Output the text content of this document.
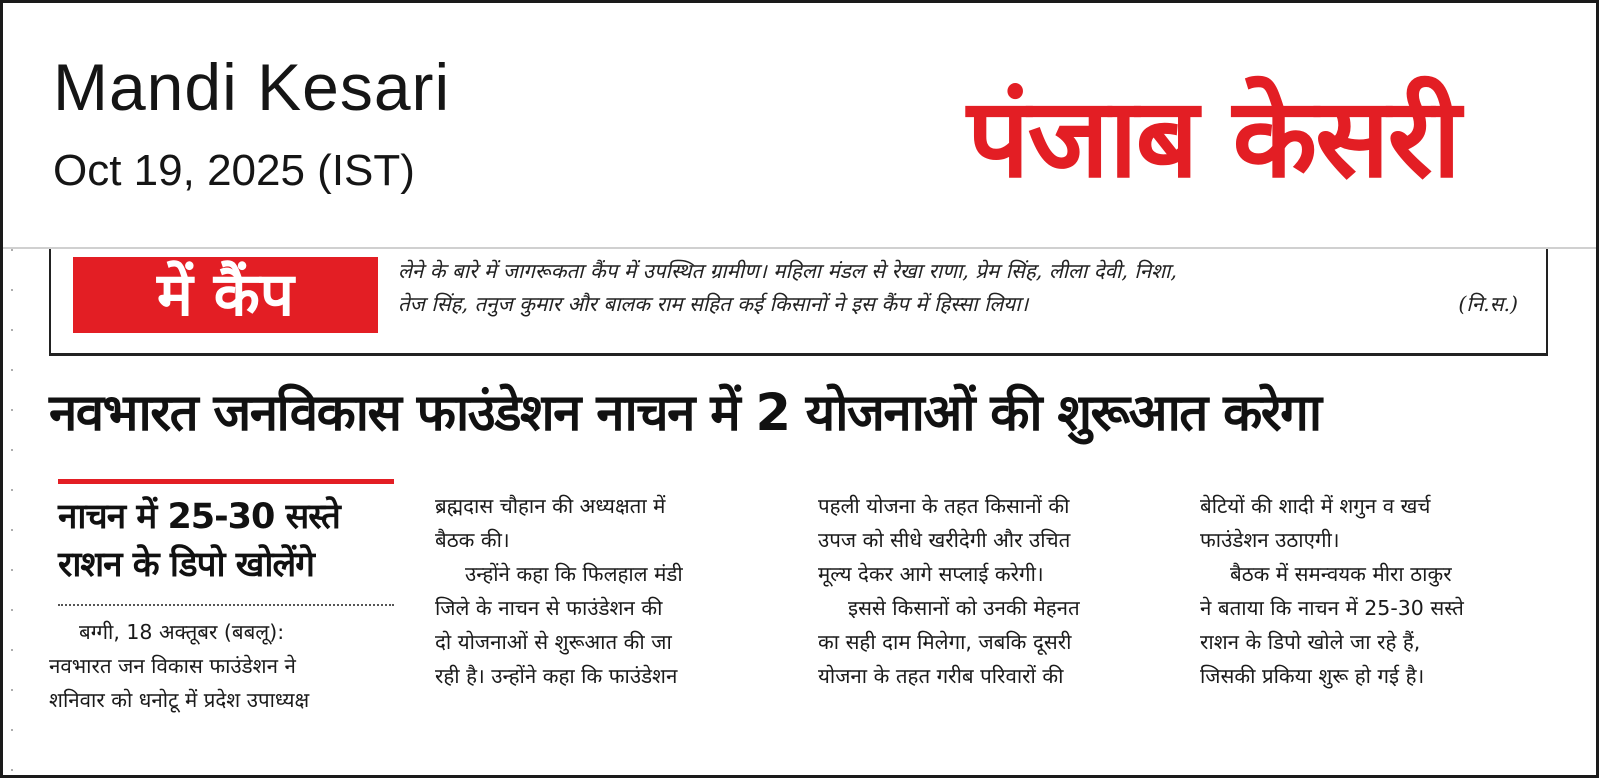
Mandi Kesari
Oct 19, 2025 (IST)	पंजाब केसरी
में कैंप	लेने के बारे में जागरूकता कैंप में उपस्थित ग्रामीण। महिला मंडल से रेखा राणा, प्रेम सिंह, लीला देवी, निशा,
तेज सिंह, तनुज कुमार और बालक राम सहित कई किसानों ने इस कैंप में हिस्सा लिया।	(नि.स.)
नवभारत जनविकास फाउंडेशन नाचन में 2 योजनाओं की शुरूआत करेगा
नाचन में 25-30 सस्ते राशन के डिपो खोलेंगे

बग्गी, 18 अक्तूबर (बबलू):

नवभारत जन विकास फाउंडेशन ने

शनिवार को धनोटू में प्रदेश उपाध्यक्ष

ब्रह्मदास चौहान की अध्यक्षता में

बैठक की।

उन्होंने कहा कि फिलहाल मंडी

जिले के नाचन से फाउंडेशन की

दो योजनाओं से शुरूआत की जा

रही है। उन्होंने कहा कि फाउंडेशन

पहली योजना के तहत किसानों की

उपज को सीधे खरीदेगी और उचित

मूल्य देकर आगे सप्लाई करेगी।

इससे किसानों को उनकी मेहनत

का सही दाम मिलेगा, जबकि दूसरी

योजना के तहत गरीब परिवारों की

बेटियों की शादी में शगुन व खर्च

फाउंडेशन उठाएगी।

बैठक में समन्वयक मीरा ठाकुर

ने बताया कि नाचन में 25-30 सस्ते

राशन के डिपो खोले जा रहे हैं,

जिसकी प्रकिया शुरू हो गई है।
